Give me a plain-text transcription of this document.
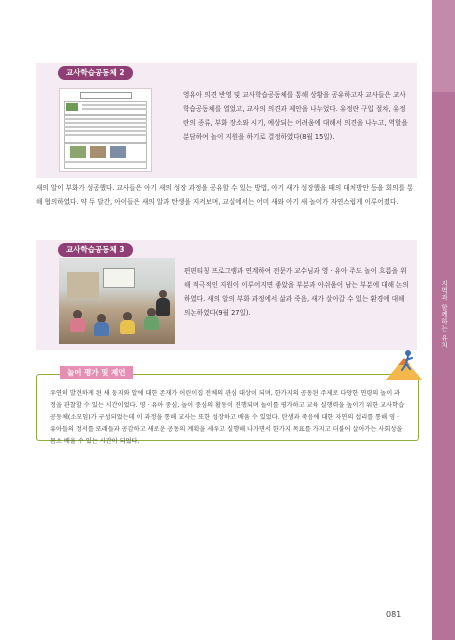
지역과 함께하는 유치
교사학습공동체 2

영유아 의견 반영 및 교사학습공동체를 통해 상황을 공유하고자 교사들은 교사학습공동체를 열었고, 교사의 의견과 제안을 나누었다. 유정란 구입 절차, 유정란의 종류, 부화 장소와 시기, 예상되는 어려움에 대해서 의견을 나누고, 역할을 분담하여 놀이 지원을 하기로 결정하였다(8월 15일).

새의 알이 부화가 성공했다. 교사들은 아기 새의 성장 과정을 공유할 수 있는 방법, 아기 새가 성장했을 때의 대처방안 등을 회의를 통해 협의하였다. 약 두 달간, 아이들은 새의 알과 탄생을 지켜보며, 교실에서는 어미 새와 아기 새 놀이가 자연스럽게 이루어졌다.

교사학습공동체 3

편편티칭 프로그램과 연계하여 전문가 교수님과 영 · 유아 주도 놀이 흐름을 위해 적극적인 지원이 이루어지면 좋았을 부분과 아쉬움이 남는 부분에 대해 논의하였다. 새의 알의 부화 과정에서 삶과 죽음, 새가 살아갈 수 있는 환경에 대해 의논하였다(9월 27일).

놀이 평가 및 제언

우연히 발견하게 된 새 둥지와 알에 대한 존재가 어린이집 전체의 관심 대상이 되며, 한가지의 공동된 주제로 다양한 연령의 놀이 과정을 관찰할 수 있는 시간이었다. 영 · 유아 중심, 놀이 중심의 활동이 진행되며 놀이를 평가하고 교육 실행력을 높이기 위한 교사학습공동체(소모임)가 구성되었는데 이 과정을 통해 교사는 또한 성장하고 배움 수 있었다. 탄생과 죽음에 대한 자연의 섭리를 통해 영 · 유아들의 정서를 또래들과 공감하고 새로운 공동의 계획을 세우고 실행해 나가면서 한가지 목표를 가지고 더불어 살아가는 사회성을 몸소 배울 수 있는 시간이 되었다.

081
